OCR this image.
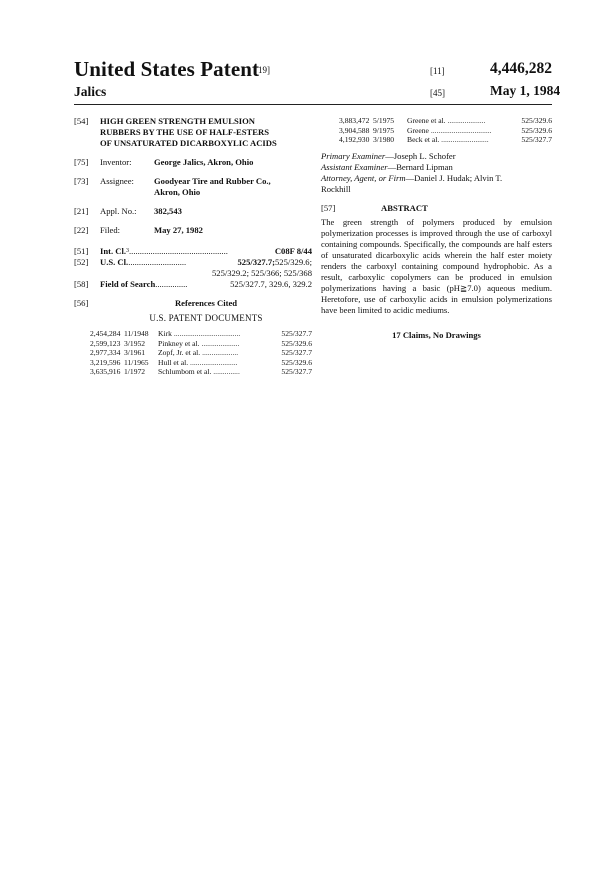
United States Patent
[19]
Jalics
[11]	4,446,282
[45]	May 1, 1984
[54]	HIGH GREEN STRENGTH EMULSION
RUBBERS BY THE USE OF HALF-ESTERS
OF UNSATURATED DICARBOXYLIC ACIDS
[75]	Inventor:	George Jalics, Akron, Ohio
[73]	Assignee: Goodyear Tire and Rubber Co.,
Akron, Ohio
[21]	Appl. No.: 382,543
[22]	Filed:	May 27, 1982
[51]	Int. Cl. 3 ..............................................	C08F 8/44
[52]	U.S. Cl. ...........................	525/327.7; 525/329.6;
525/329.2; 525/366; 525/368
[58]	Field of Search ...............	525/327.7, 329.6, 329.2
[56]	References Cited
U.S. PATENT DOCUMENTS
2,454,284 11/1948	Kirk ...................................	525/327.7
2,599,123 3/1952	Pinkney et al. ....................	525/329.6
2,977,334 3/1961	Zopf, Jr. et al. ...................	525/327.7
3,219,596 11/1965	Hull et al. .........................	525/329.6
3,635,916 1/1972	Schlumbom et al. ..............	525/327.7
3,883,472 5/1975	Greene et al. ....................	525/329.6
3,904,588 9/1975	Greene ................................	525/329.6
4,192,930 3/1980	Beck et al. .........................	525/327.7
Primary Examiner—Joseph L. Schofer
Assistant Examiner—Bernard Lipman
Attorney, Agent, or Firm—Daniel J. Hudak; Alvin T.
Rockhill
[57]	ABSTRACT
The green strength of polymers produced by emulsion polymerization processes is improved through the use of carboxyl containing compounds. Specifically, the compounds are half esters of unsaturated dicarboxylic acids wherein the half ester moiety renders the carboxyl containing compound hydrophobic. As a result, carboxylic copolymers can be produced in emulsion polymerizations having a basic (pH≧7.0) aqueous medium. Heretofore, use of carboxylic acids in emulsion polymerizations have been limited to acidic mediums.
17 Claims, No Drawings
